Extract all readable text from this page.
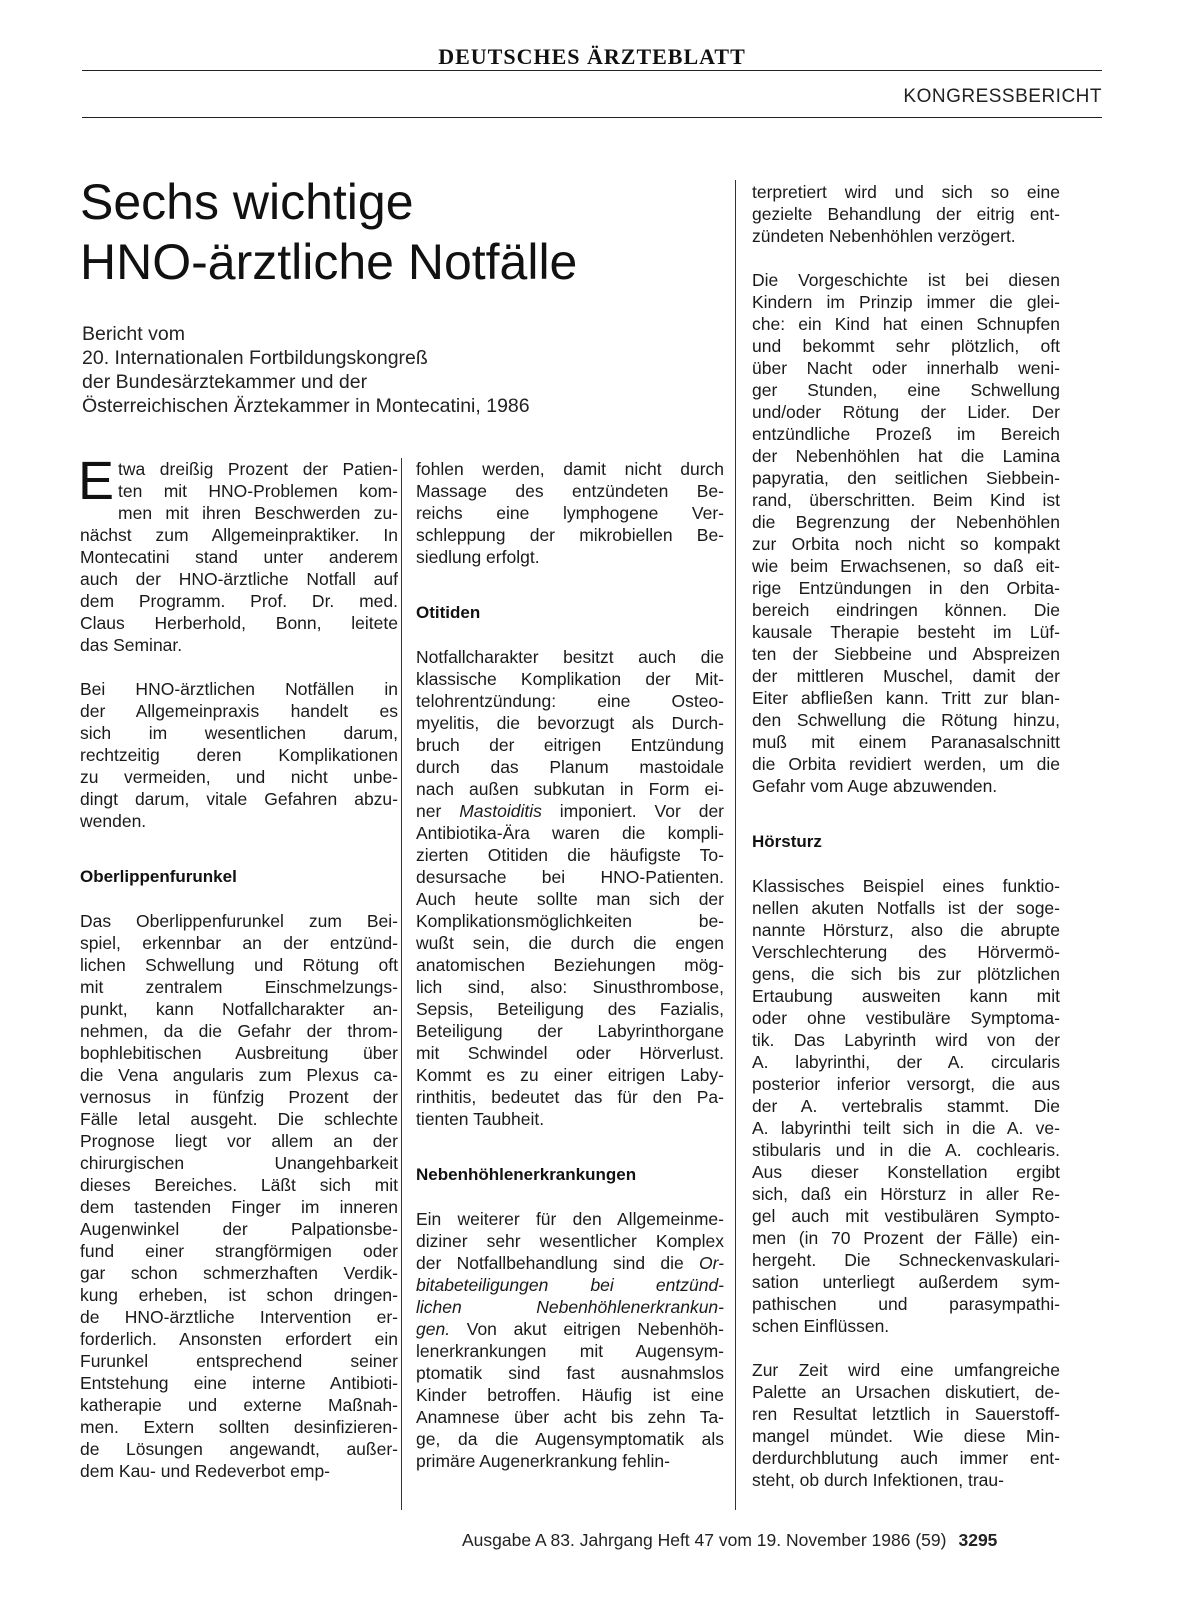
DEUTSCHES ÄRZTEBLATT
KONGRESSBERICHT
Sechs wichtige
HNO-ärztliche Notfälle
Bericht vom
20. Internationalen Fortbildungskongreß
der Bundesärztekammer und der
Österreichischen Ärztekammer in Montecatini, 1986
E twa dreißig Prozent der Patien-
ten mit HNO-Problemen kom-
men mit ihren Beschwerden zu-
nächst zum Allgemeinpraktiker. In
Montecatini stand unter anderem
auch der HNO-ärztliche Notfall auf
dem Programm. Prof. Dr. med.
Claus Herberhold, Bonn, leitete
das Seminar.
Bei HNO-ärztlichen Notfällen in
der Allgemeinpraxis handelt es
sich im wesentlichen darum,
rechtzeitig deren Komplikationen
zu vermeiden, und nicht unbe-
dingt darum, vitale Gefahren abzu-
wenden.
Oberlippenfurunkel
Das Oberlippenfurunkel zum Bei-
spiel, erkennbar an der entzünd-
lichen Schwellung und Rötung oft
mit zentralem Einschmelzungs-
punkt, kann Notfallcharakter an-
nehmen, da die Gefahr der throm-
bophlebitischen Ausbreitung über
die Vena angularis zum Plexus ca-
vernosus in fünfzig Prozent der
Fälle letal ausgeht. Die schlechte
Prognose liegt vor allem an der
chirurgischen Unangehbarkeit
dieses Bereiches. Läßt sich mit
dem tastenden Finger im inneren
Augenwinkel der Palpationsbe-
fund einer strangförmigen oder
gar schon schmerzhaften Verdik-
kung erheben, ist schon dringen-
de HNO-ärztliche Intervention er-
forderlich. Ansonsten erfordert ein
Furunkel entsprechend seiner
Entstehung eine interne Antibioti-
katherapie und externe Maßnah-
men. Extern sollten desinfizieren-
de Lösungen angewandt, außer-
dem Kau- und Redeverbot emp-
fohlen werden, damit nicht durch
Massage des entzündeten Be-
reichs eine lymphogene Ver-
schleppung der mikrobiellen Be-
siedlung erfolgt.
Otitiden
Notfallcharakter besitzt auch die
klassische Komplikation der Mit-
telohrentzündung: eine Osteo-
myelitis, die bevorzugt als Durch-
bruch der eitrigen Entzündung
durch das Planum mastoidale
nach außen subkutan in Form ei-
ner Mastoiditis imponiert. Vor der
Antibiotika-Ära waren die kompli-
zierten Otitiden die häufigste To-
desursache bei HNO-Patienten.
Auch heute sollte man sich der
Komplikationsmöglichkeiten be-
wußt sein, die durch die engen
anatomischen Beziehungen mög-
lich sind, also: Sinusthrombose,
Sepsis, Beteiligung des Fazialis,
Beteiligung der Labyrinthorgane
mit Schwindel oder Hörverlust.
Kommt es zu einer eitrigen Laby-
rinthitis, bedeutet das für den Pa-
tienten Taubheit.
Nebenhöhlenerkrankungen
Ein weiterer für den Allgemeinme-
diziner sehr wesentlicher Komplex
der Notfallbehandlung sind die Or-
bitabeteiligungen bei entzünd-
lichen Nebenhöhlenerkrankun-
gen. Von akut eitrigen Nebenhöh-
lenerkrankungen mit Augensym-
ptomatik sind fast ausnahmslos
Kinder betroffen. Häufig ist eine
Anamnese über acht bis zehn Ta-
ge, da die Augensymptomatik als
primäre Augenerkrankung fehlin-
terpretiert wird und sich so eine
gezielte Behandlung der eitrig ent-
zündeten Nebenhöhlen verzögert.
Die Vorgeschichte ist bei diesen
Kindern im Prinzip immer die glei-
che: ein Kind hat einen Schnupfen
und bekommt sehr plötzlich, oft
über Nacht oder innerhalb weni-
ger Stunden, eine Schwellung
und/oder Rötung der Lider. Der
entzündliche Prozeß im Bereich
der Nebenhöhlen hat die Lamina
papyratia, den seitlichen Siebbein-
rand, überschritten. Beim Kind ist
die Begrenzung der Nebenhöhlen
zur Orbita noch nicht so kompakt
wie beim Erwachsenen, so daß eit-
rige Entzündungen in den Orbita-
bereich eindringen können. Die
kausale Therapie besteht im Lüf-
ten der Siebbeine und Abspreizen
der mittleren Muschel, damit der
Eiter abfließen kann. Tritt zur blan-
den Schwellung die Rötung hinzu,
muß mit einem Paranasalschnitt
die Orbita revidiert werden, um die
Gefahr vom Auge abzuwenden.
Hörsturz
Klassisches Beispiel eines funktio-
nellen akuten Notfalls ist der soge-
nannte Hörsturz, also die abrupte
Verschlechterung des Hörvermö-
gens, die sich bis zur plötzlichen
Ertaubung ausweiten kann mit
oder ohne vestibuläre Symptoma-
tik. Das Labyrinth wird von der
A. labyrinthi, der A. circularis
posterior inferior versorgt, die aus
der A. vertebralis stammt. Die
A. labyrinthi teilt sich in die A. ve-
stibularis und in die A. cochlearis.
Aus dieser Konstellation ergibt
sich, daß ein Hörsturz in aller Re-
gel auch mit vestibulären Sympto-
men (in 70 Prozent der Fälle) ein-
hergeht. Die Schneckenvaskulari-
sation unterliegt außerdem sym-
pathischen und parasympathi-
schen Einflüssen.
Zur Zeit wird eine umfangreiche
Palette an Ursachen diskutiert, de-
ren Resultat letztlich in Sauerstoff-
mangel mündet. Wie diese Min-
derdurchblutung auch immer ent-
steht, ob durch Infektionen, trau-
Ausgabe A 83. Jahrgang Heft 47 vom 19. November 1986 (59) 3295
